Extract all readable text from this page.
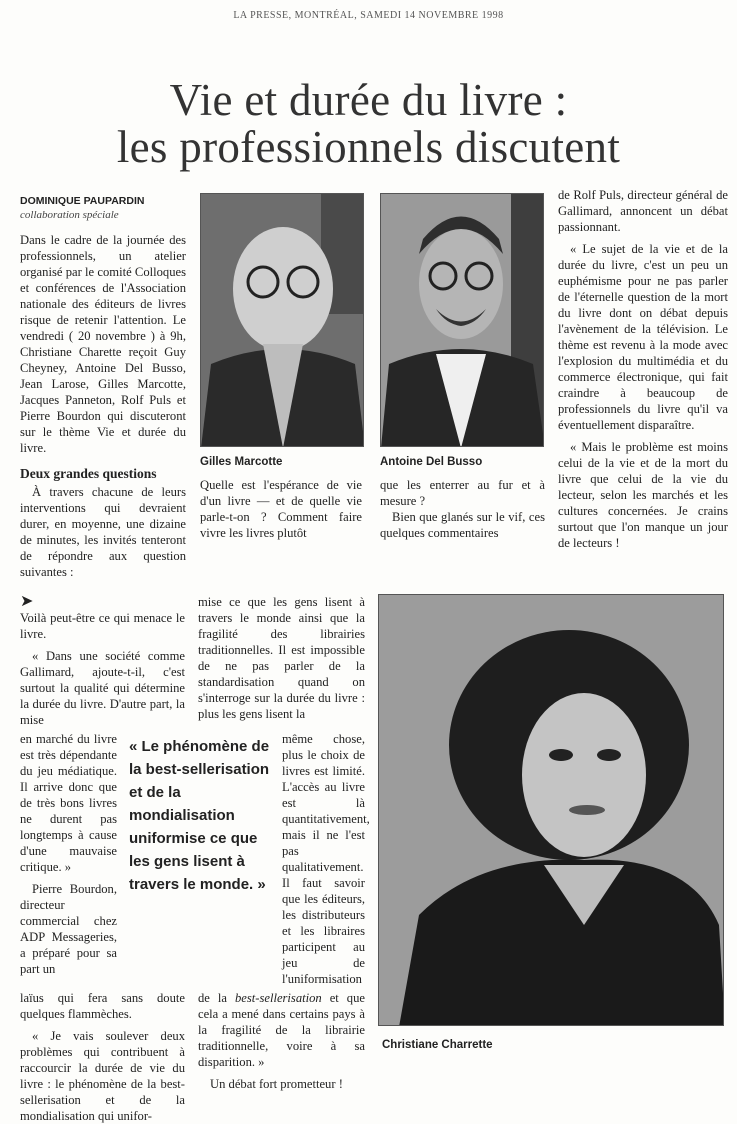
LA PRESSE, MONTRÉAL, SAMEDI 14 NOVEMBRE 1998
Vie et durée du livre :
les professionnels discutent
DOMINIQUE PAUPARDIN
collaboration spéciale

Dans le cadre de la journée des professionnels, un atelier organisé par le comité Colloques et conférences de l'Association nationale des éditeurs de livres risque de retenir l'attention. Le vendredi ( 20 novembre ) à 9h, Christiane Charette reçoit Guy Cheyney, Antoine Del Busso, Jean Larose, Gilles Marcotte, Jacques Panneton, Rolf Puls et Pierre Bourdon qui discuteront sur le thème Vie et durée du livre.

Deux grandes questions

À travers chacune de leurs interventions qui devraient durer, en moyenne, une dizaine de minutes, les invités tenteront de répondre aux question suivantes :

Gilles Marcotte	Antoine Del Busso

Quelle est l'espérance de vie d'un livre — et de quelle vie parle-t-on ? Comment faire vivre les livres plutôt

que les enterrer au fur et à mesure ?

Bien que glanés sur le vif, ces quelques commentaires

de Rolf Puls, directeur général de Gallimard, annoncent un débat passionnant.

« Le sujet de la vie et de la durée du livre, c'est un peu un euphémisme pour ne pas parler de l'éternelle question de la mort du livre dont on débat depuis l'avènement de la télévision. Le thème est revenu à la mode avec l'explosion du multimédia et du commerce électronique, qui fait craindre à beaucoup de professionnels du livre qu'il va éventuellement disparaître.

« Mais le problème est moins celui de la vie et de la mort du livre que celui de la vie du lecteur, selon les marchés et les cultures concernées. Je crains surtout que l'on manque un jour de lecteurs !

➤

Voilà peut-être ce qui menace le livre.

« Dans une société comme Gallimard, ajoute-t-il, c'est surtout la qualité qui détermine la durée du livre. D'autre part, la mise

mise ce que les gens lisent à travers le monde ainsi que la fragilité des librairies traditionnelles. Il est impossible de ne pas parler de la standardisation quand on s'interroge sur la durée du livre : plus les gens lisent la

en marché du livre est très dépendante du jeu médiatique. Il arrive donc que de très bons livres ne durent pas longtemps à cause d'une mauvaise critique. »

Pierre Bourdon, directeur commercial chez ADP Messageries, a préparé pour sa part un

« Le phénomène de la best-sellerisation et de la mondialisation uniformise ce que les gens lisent à travers le monde. »

même chose, plus le choix de livres est limité. L'accès au livre est là quantitativement, mais il ne l'est pas qualitativement. Il faut savoir que les éditeurs, les distributeurs et les libraires participent au jeu de l'uniformisation

laïus qui fera sans doute quelques flammèches.

« Je vais soulever deux problèmes qui contribuent à raccourcir la durée de vie du livre : le phénomène de la best-sellerisation et de la mondialisation qui unifor-

de la best-sellerisation et que cela a mené dans certains pays à la fragilité de la librairie traditionnelle, voire à sa disparition. »

Un débat fort prometteur !

Christiane Charrette
